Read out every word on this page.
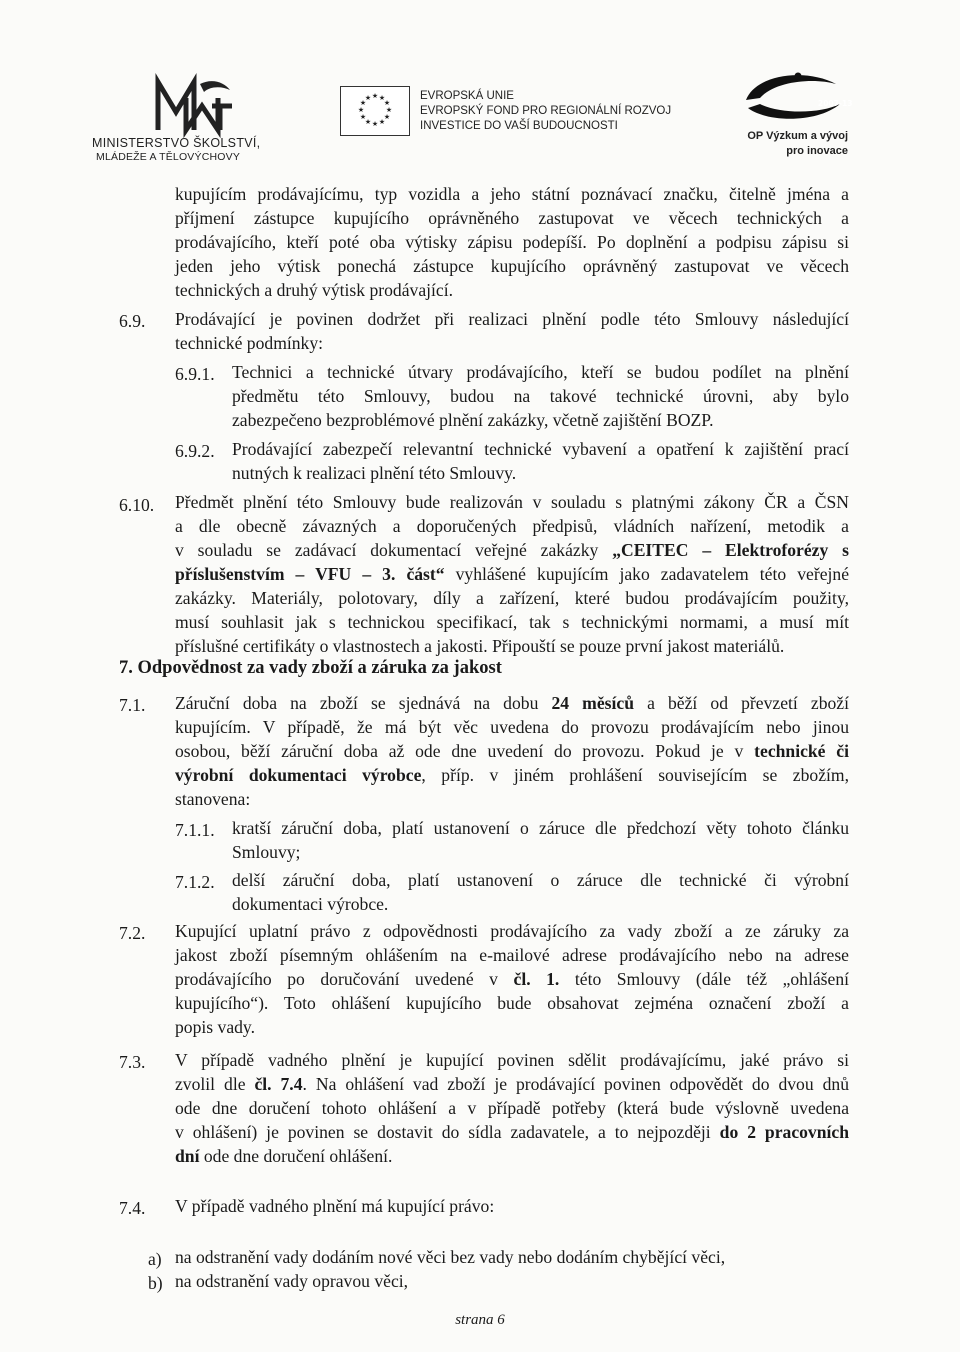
MINISTERSTVO ŠKOLSTVÍ,
MLÁDEŽE A TĚLOVÝCHOVY
★ ★
★
★
★
★
★
★
★
★
★
★	EVROPSKÁ UNIE
EVROPSKÝ FOND PRO REGIONÁLNÍ ROZVOJ
INVESTICE DO VAŠÍ BUDOUCNOSTI
2007-13
OP Výzkum a vývoj
pro inovace
kupujícím prodávajícímu, typ vozidla a jeho státní poznávací značku, čitelně jména a
příjmení zástupce kupujícího oprávněného zastupovat ve věcech technických a
prodávajícího, kteří poté oba výtisky zápisu podepíší. Po doplnění a podpisu zápisu si
jeden jeho výtisk ponechá zástupce kupujícího oprávněný zastupovat ve věcech
technických a druhý výtisk prodávající.
6.9. Prodávající je povinen dodržet při realizaci plnění podle této Smlouvy následující
technické podmínky:
6.9.1. Technici a technické útvary prodávajícího, kteří se budou podílet na plnění
předmětu této Smlouvy, budou na takové technické úrovni, aby bylo
zabezpečeno bezproblémové plnění zakázky, včetně zajištění BOZP.
6.9.2. Prodávající zabezpečí relevantní technické vybavení a opatření k zajištění prací
nutných k realizaci plnění této Smlouvy.
6.10. Předmět plnění této Smlouvy bude realizován v souladu s platnými zákony ČR a ČSN
a dle obecně závazných a doporučených předpisů, vládních nařízení, metodik a
v souladu se zadávací dokumentací veřejné zakázky „CEITEC – Elektroforézy s
příslušenstvím – VFU – 3. část“ vyhlášené kupujícím jako zadavatelem této veřejné
zakázky. Materiály, polotovary, díly a zařízení, které budou prodávajícím použity,
musí souhlasit jak s technickou specifikací, tak s technickými normami, a musí mít
příslušné certifikáty o vlastnostech a jakosti. Připouští se pouze první jakost materiálů.
7. Odpovědnost za vady zboží a záruka za jakost
7.1. Záruční doba na zboží se sjednává na dobu 24 měsíců a běží od převzetí zboží
kupujícím. V případě, že má být věc uvedena do provozu prodávajícím nebo jinou
osobou, běží záruční doba až ode dne uvedení do provozu. Pokud je v technické či
výrobní dokumentaci výrobce, příp. v jiném prohlášení souvisejícím se zbožím,
stanovena:
7.1.1. kratší záruční doba, platí ustanovení o záruce dle předchozí věty tohoto článku
Smlouvy;
7.1.2. delší záruční doba, platí ustanovení o záruce dle technické či výrobní
dokumentaci výrobce.
7.2. Kupující uplatní právo z odpovědnosti prodávajícího za vady zboží a ze záruky za
jakost zboží písemným ohlášením na e-mailové adrese prodávajícího nebo na adrese
prodávajícího po doručování uvedené v čl. 1. této Smlouvy (dále též „ohlášení
kupujícího“). Toto ohlášení kupujícího bude obsahovat zejména označení zboží a
popis vady.
7.3. V případě vadného plnění je kupující povinen sdělit prodávajícímu, jaké právo si
zvolil dle čl. 7.4. Na ohlášení vad zboží je prodávající povinen odpovědět do dvou dnů
ode dne doručení tohoto ohlášení a v případě potřeby (která bude výslovně uvedena
v ohlášení) je povinen se dostavit do sídla zadavatele, a to nejpozději do 2 pracovních
dní ode dne doručení ohlášení.
7.4. V případě vadného plnění má kupující právo:
a) na odstranění vady dodáním nové věci bez vady nebo dodáním chybějící věci,
b) na odstranění vady opravou věci,
strana 6
